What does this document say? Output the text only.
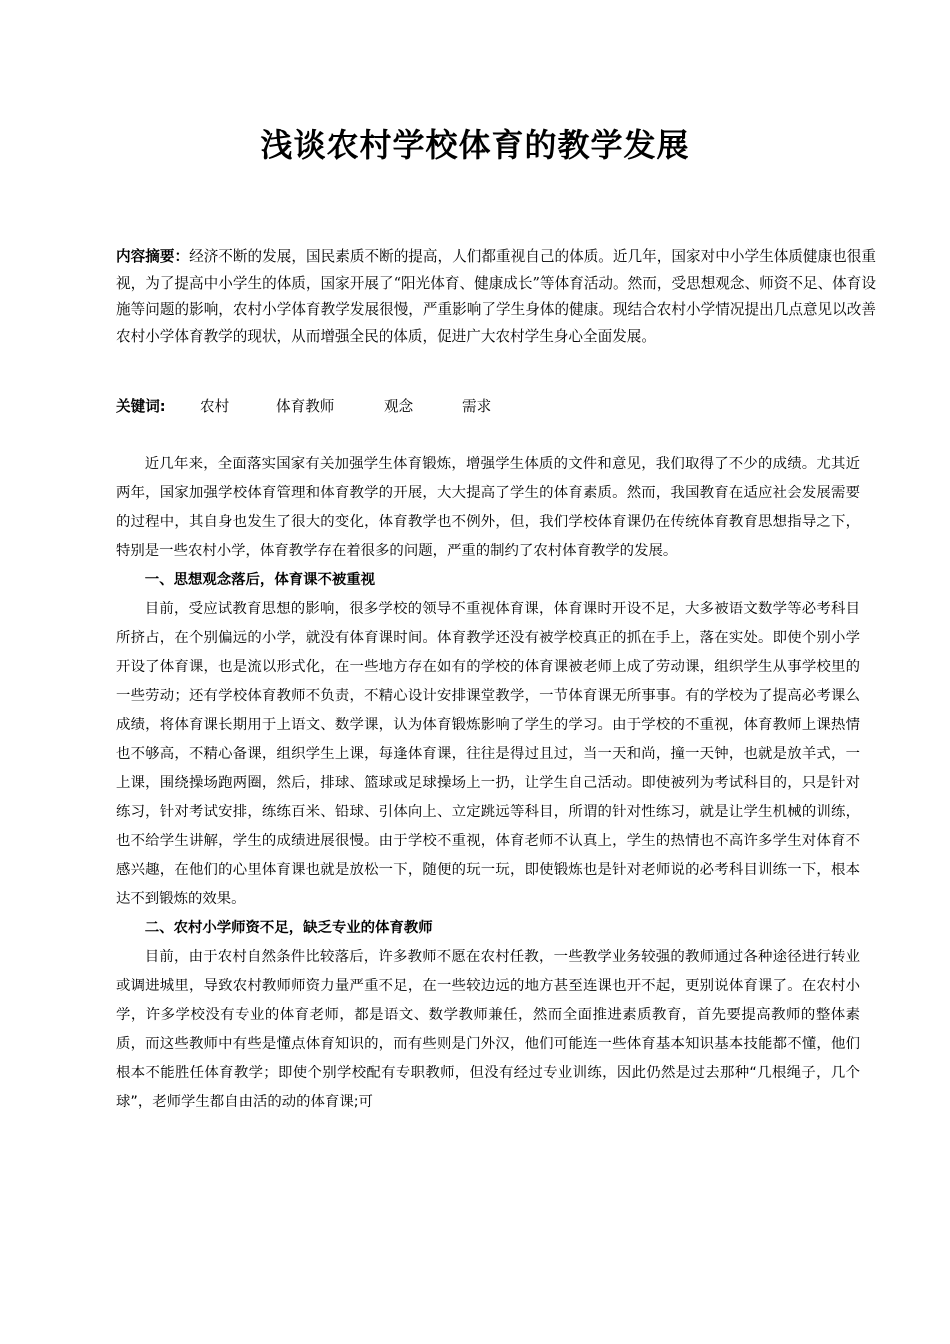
浅谈农村学校体育的教学发展
内容摘要：经济不断的发展，国民素质不断的提高，人们都重视自己的体质。近几年，国家对中小学生体质健康也很重视，为了提高中小学生的体质，国家开展了“阳光体育、健康成长”等体育活动。然而，受思想观念、师资不足、体育设施等问题的影响，农村小学体育教学发展很慢，严重影响了学生身体的健康。现结合农村小学情况提出几点意见以改善农村小学体育教学的现状，从而增强全民的体质，促进广大农村学生身心全面发展。
关键词: 农村	体育教师	观念	需求

近几年来，全面落实国家有关加强学生体育锻炼，增强学生体质的文件和意见，我们取得了不少的成绩。尤其近两年，国家加强学校体育管理和体育教学的开展，大大提高了学生的体育素质。然而，我国教育在适应社会发展需要的过程中，其自身也发生了很大的变化，体育教学也不例外，但，我们学校体育课仍在传统体育教育思想指导之下，特别是一些农村小学，体育教学存在着很多的问题，严重的制约了农村体育教学的发展。

一、思想观念落后，体育课不被重视

目前，受应试教育思想的影响，很多学校的领导不重视体育课，体育课时开设不足，大多被语文数学等必考科目所挤占，在个别偏远的小学，就没有体育课时间。体育教学还没有被学校真正的抓在手上，落在实处。即使个别小学开设了体育课，也是流以形式化，在一些地方存在如有的学校的体育课被老师上成了劳动课，组织学生从事学校里的一些劳动；还有学校体育教师不负责，不精心设计安排课堂教学，一节体育课无所事事。有的学校为了提高必考课么成绩，将体育课长期用于上语文、数学课，认为体育锻炼影响了学生的学习。由于学校的不重视，体育教师上课热情也不够高，不精心备课，组织学生上课，每逢体育课，往往是得过且过，当一天和尚，撞一天钟，也就是放羊式，一上课，围绕操场跑两圈，然后，排球、篮球或足球操场上一扔，让学生自己活动。即使被列为考试科目的，只是针对练习，针对考试安排，练练百米、铅球、引体向上、立定跳远等科目，所谓的针对性练习，就是让学生机械的训练，也不给学生讲解，学生的成绩进展很慢。由于学校不重视，体育老师不认真上，学生的热情也不高许多学生对体育不感兴趣，在他们的心里体育课也就是放松一下，随便的玩一玩，即使锻炼也是针对老师说的必考科目训练一下，根本达不到锻炼的效果。

二、农村小学师资不足，缺乏专业的体育教师

目前，由于农村自然条件比较落后，许多教师不愿在农村任教，一些教学业务较强的教师通过各种途径进行转业或调进城里，导致农村教师师资力量严重不足，在一些较边远的地方甚至连课也开不起，更别说体育课了。在农村小学，许多学校没有专业的体育老师，都是语文、数学教师兼任，然而全面推进素质教育，首先要提高教师的整体素质，而这些教师中有些是懂点体育知识的，而有些则是门外汉，他们可能连一些体育基本知识基本技能都不懂，他们根本不能胜任体育教学；即使个别学校配有专职教师，但没有经过专业训练，因此仍然是过去那种“几根绳子，几个球”，老师学生都自由活的动的体育课;可
